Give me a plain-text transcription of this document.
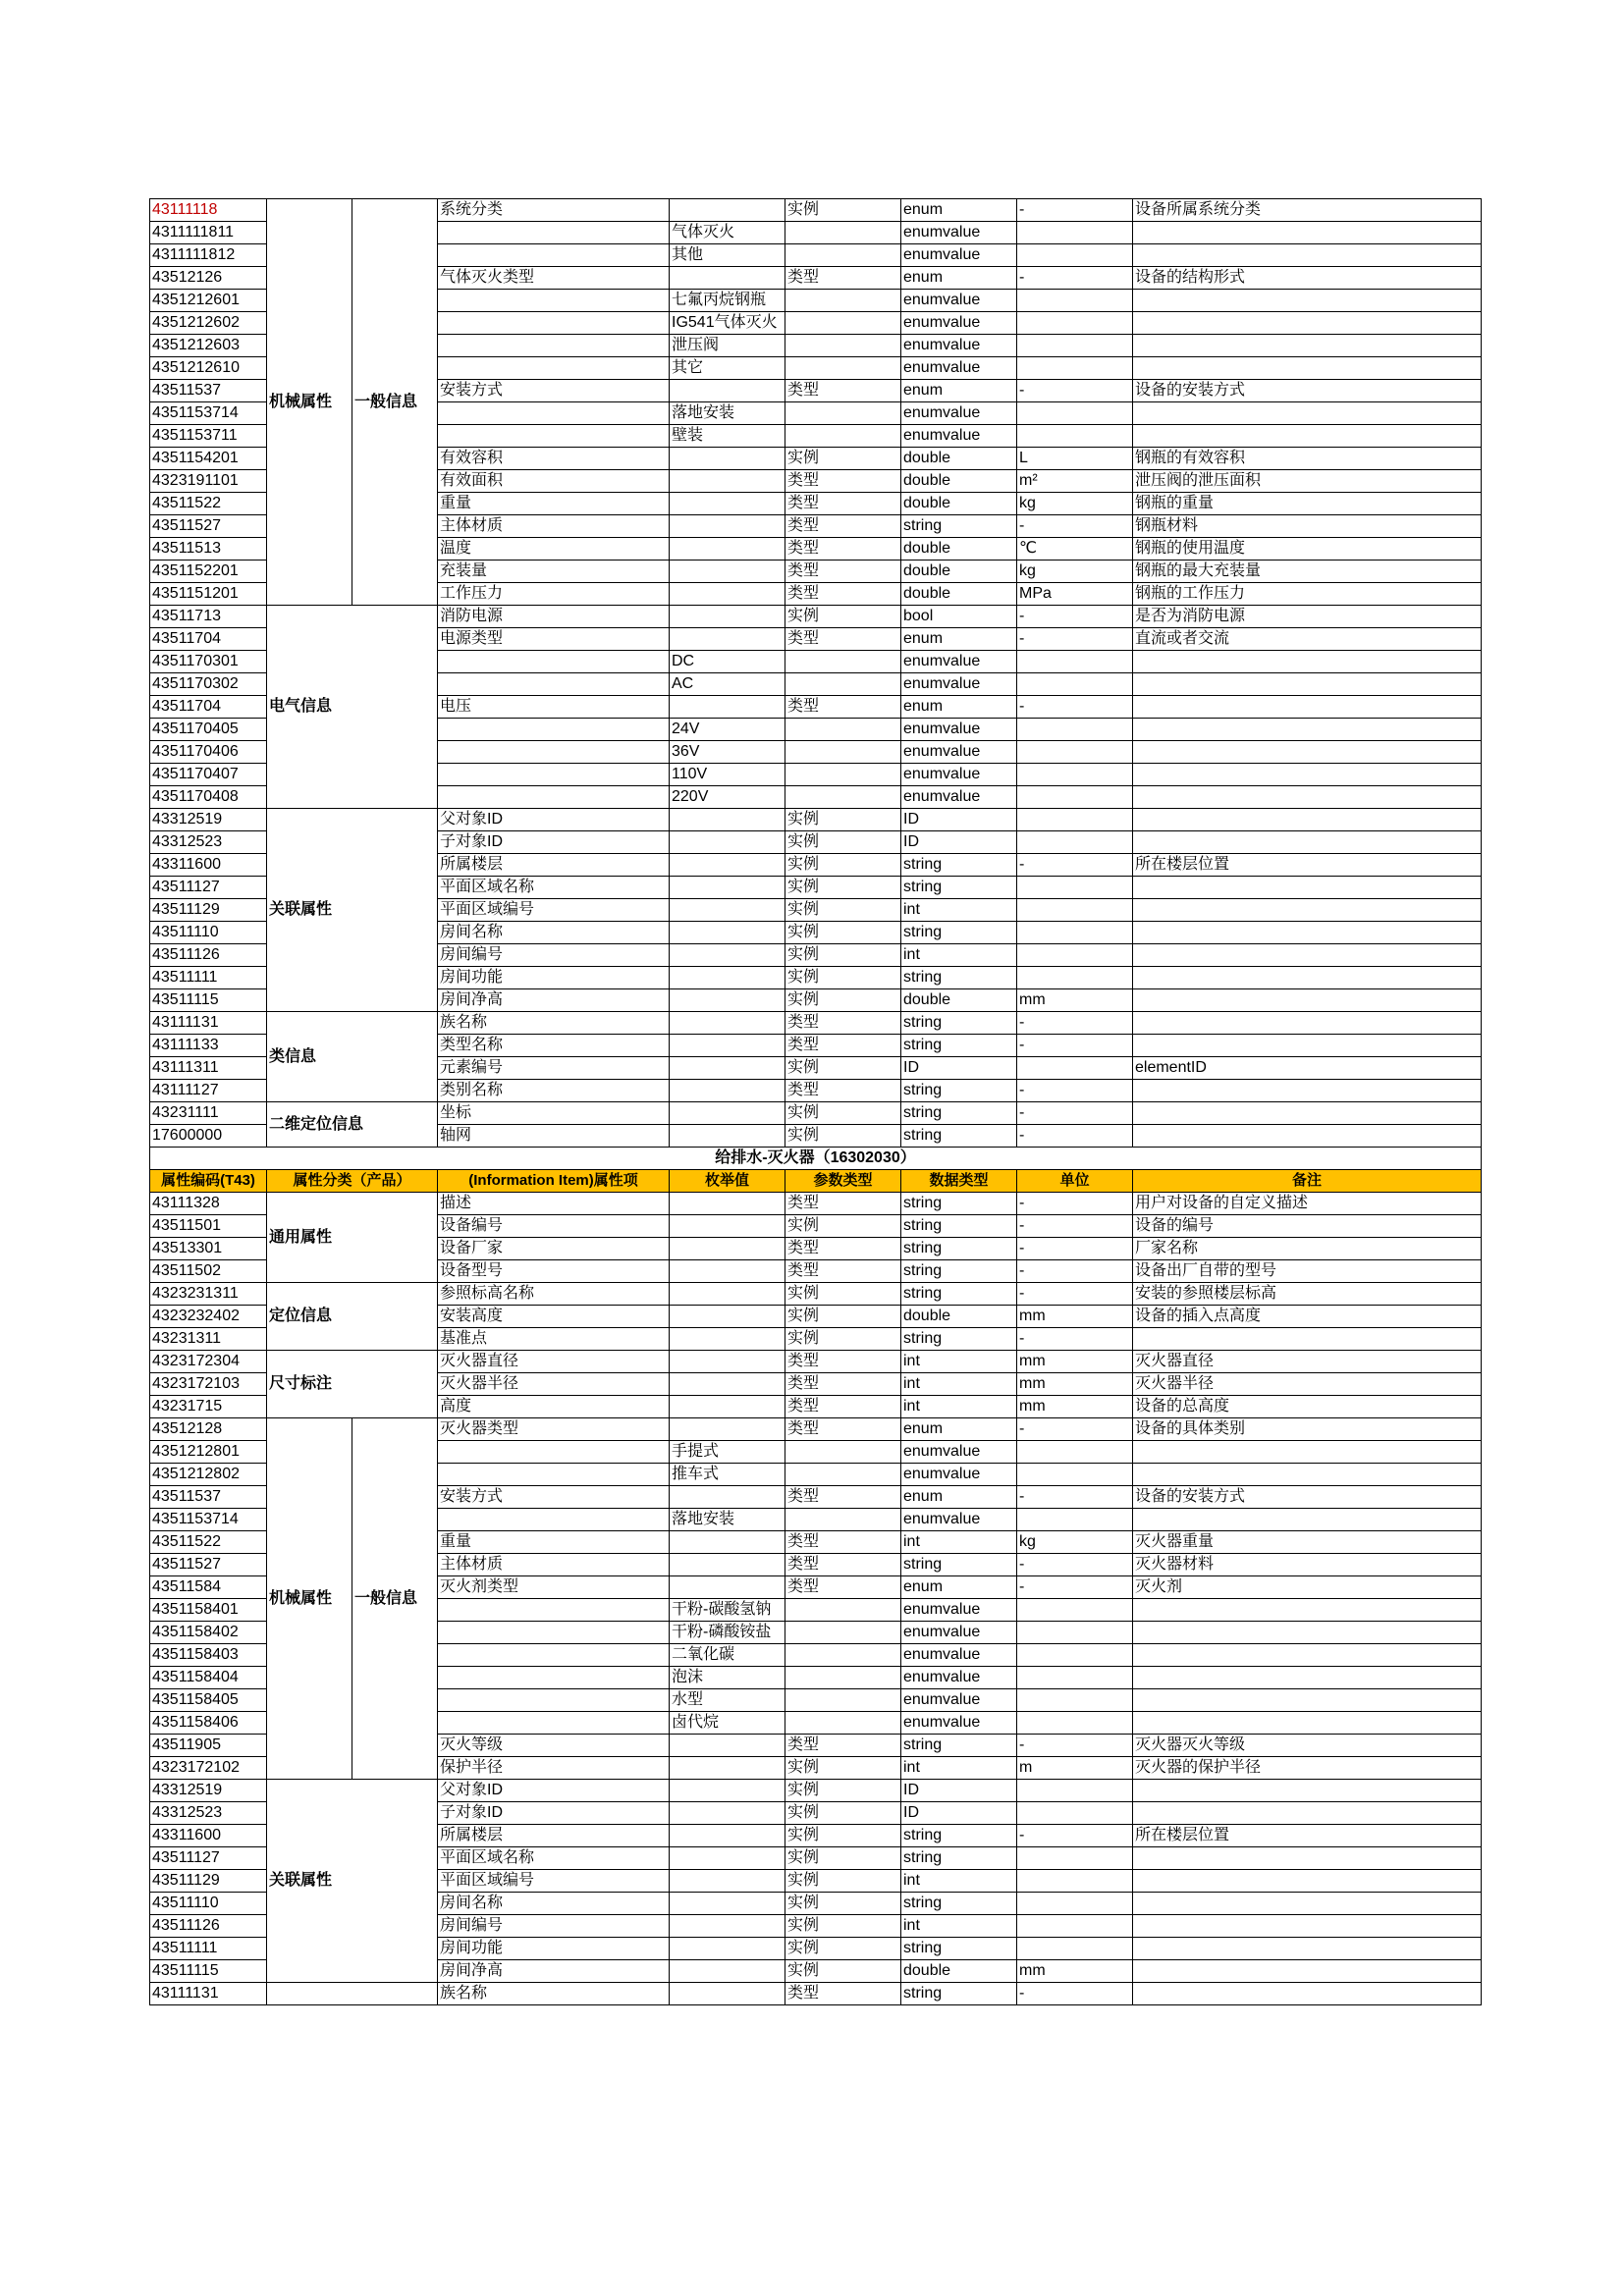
43111118	机械属性	一般信息	系统分类		实例	enum	-	设备所属系统分类
4311111811				气体灭火		enumvalue		
4311111812				其他		enumvalue		
43512126			气体灭火类型		类型	enum	-	设备的结构形式
4351212601				七氟丙烷钢瓶		enumvalue		
4351212602				IG541气体灭火		enumvalue		
4351212603				泄压阀		enumvalue		
4351212610				其它		enumvalue		
43511537			安装方式		类型	enum	-	设备的安装方式
4351153714				落地安装		enumvalue		
4351153711				壁装		enumvalue		
4351154201			有效容积		实例	double	L	钢瓶的有效容积
4323191101			有效面积		类型	double	m²	泄压阀的泄压面积
43511522			重量		类型	double	kg	钢瓶的重量
43511527			主体材质		类型	string	-	钢瓶材料
43511513			温度		类型	double	℃	钢瓶的使用温度
4351152201			充装量		类型	double	kg	钢瓶的最大充装量
4351151201			工作压力		类型	double	MPa	钢瓶的工作压力
43511713	电气信息		消防电源		实例	bool	-	是否为消防电源
43511704			电源类型		类型	enum	-	直流或者交流
4351170301				DC		enumvalue		
4351170302				AC		enumvalue		
43511704			电压		类型	enum	-	
4351170405				24V		enumvalue		
4351170406				36V		enumvalue		
4351170407				110V		enumvalue		
4351170408				220V		enumvalue		
43312519	关联属性		父对象ID		实例	ID		
43312523			子对象ID		实例	ID		
43311600			所属楼层		实例	string	-	所在楼层位置
43511127			平面区域名称		实例	string		
43511129			平面区域编号		实例	int		
43511110			房间名称		实例	string		
43511126			房间编号		实例	int		
43511111			房间功能		实例	string		
43511115			房间净高		实例	double	mm	
43111131	类信息		族名称		类型	string	-	
43111133			类型名称		类型	string	-	
43111311			元素编号		实例	ID		elementID
43111127			类别名称		类型	string	-	
43231111	二维定位信息		坐标		实例	string	-	
17600000			轴网		实例	string	-	
给排水-灭火器（16302030）								
属性编码(T43)	属性分类（产品）		(Information Item)属性项	枚举值	参数类型	数据类型	单位	备注
43111328	通用属性		描述		类型	string	-	用户对设备的自定义描述
43511501			设备编号		实例	string	-	设备的编号
43513301			设备厂家		类型	string	-	厂家名称
43511502			设备型号		类型	string	-	设备出厂自带的型号
4323231311	定位信息		参照标高名称		实例	string	-	安装的参照楼层标高
4323232402			安装高度		实例	double	mm	设备的插入点高度
43231311			基准点		实例	string	-	
4323172304	尺寸标注		灭火器直径		类型	int	mm	灭火器直径
4323172103			灭火器半径		类型	int	mm	灭火器半径
43231715			高度		类型	int	mm	设备的总高度
43512128	机械属性	一般信息	灭火器类型		类型	enum	-	设备的具体类别
4351212801				手提式		enumvalue		
4351212802				推车式		enumvalue		
43511537			安装方式		类型	enum	-	设备的安装方式
4351153714				落地安装		enumvalue		
43511522			重量		类型	int	kg	灭火器重量
43511527			主体材质		类型	string	-	灭火器材料
43511584			灭火剂类型		类型	enum	-	灭火剂
4351158401				干粉-碳酸氢钠		enumvalue		
4351158402				干粉-磷酸铵盐		enumvalue		
4351158403				二氧化碳		enumvalue		
4351158404				泡沫		enumvalue		
4351158405				水型		enumvalue		
4351158406				卤代烷		enumvalue		
43511905			灭火等级		类型	string	-	灭火器灭火等级
4323172102			保护半径		实例	int	m	灭火器的保护半径
43312519	关联属性		父对象ID		实例	ID		
43312523			子对象ID		实例	ID		
43311600			所属楼层		实例	string	-	所在楼层位置
43511127			平面区域名称		实例	string		
43511129			平面区域编号		实例	int		
43511110			房间名称		实例	string		
43511126			房间编号		实例	int		
43511111			房间功能		实例	string		
43511115			房间净高		实例	double	mm	
43111131			族名称		类型	string	-	
